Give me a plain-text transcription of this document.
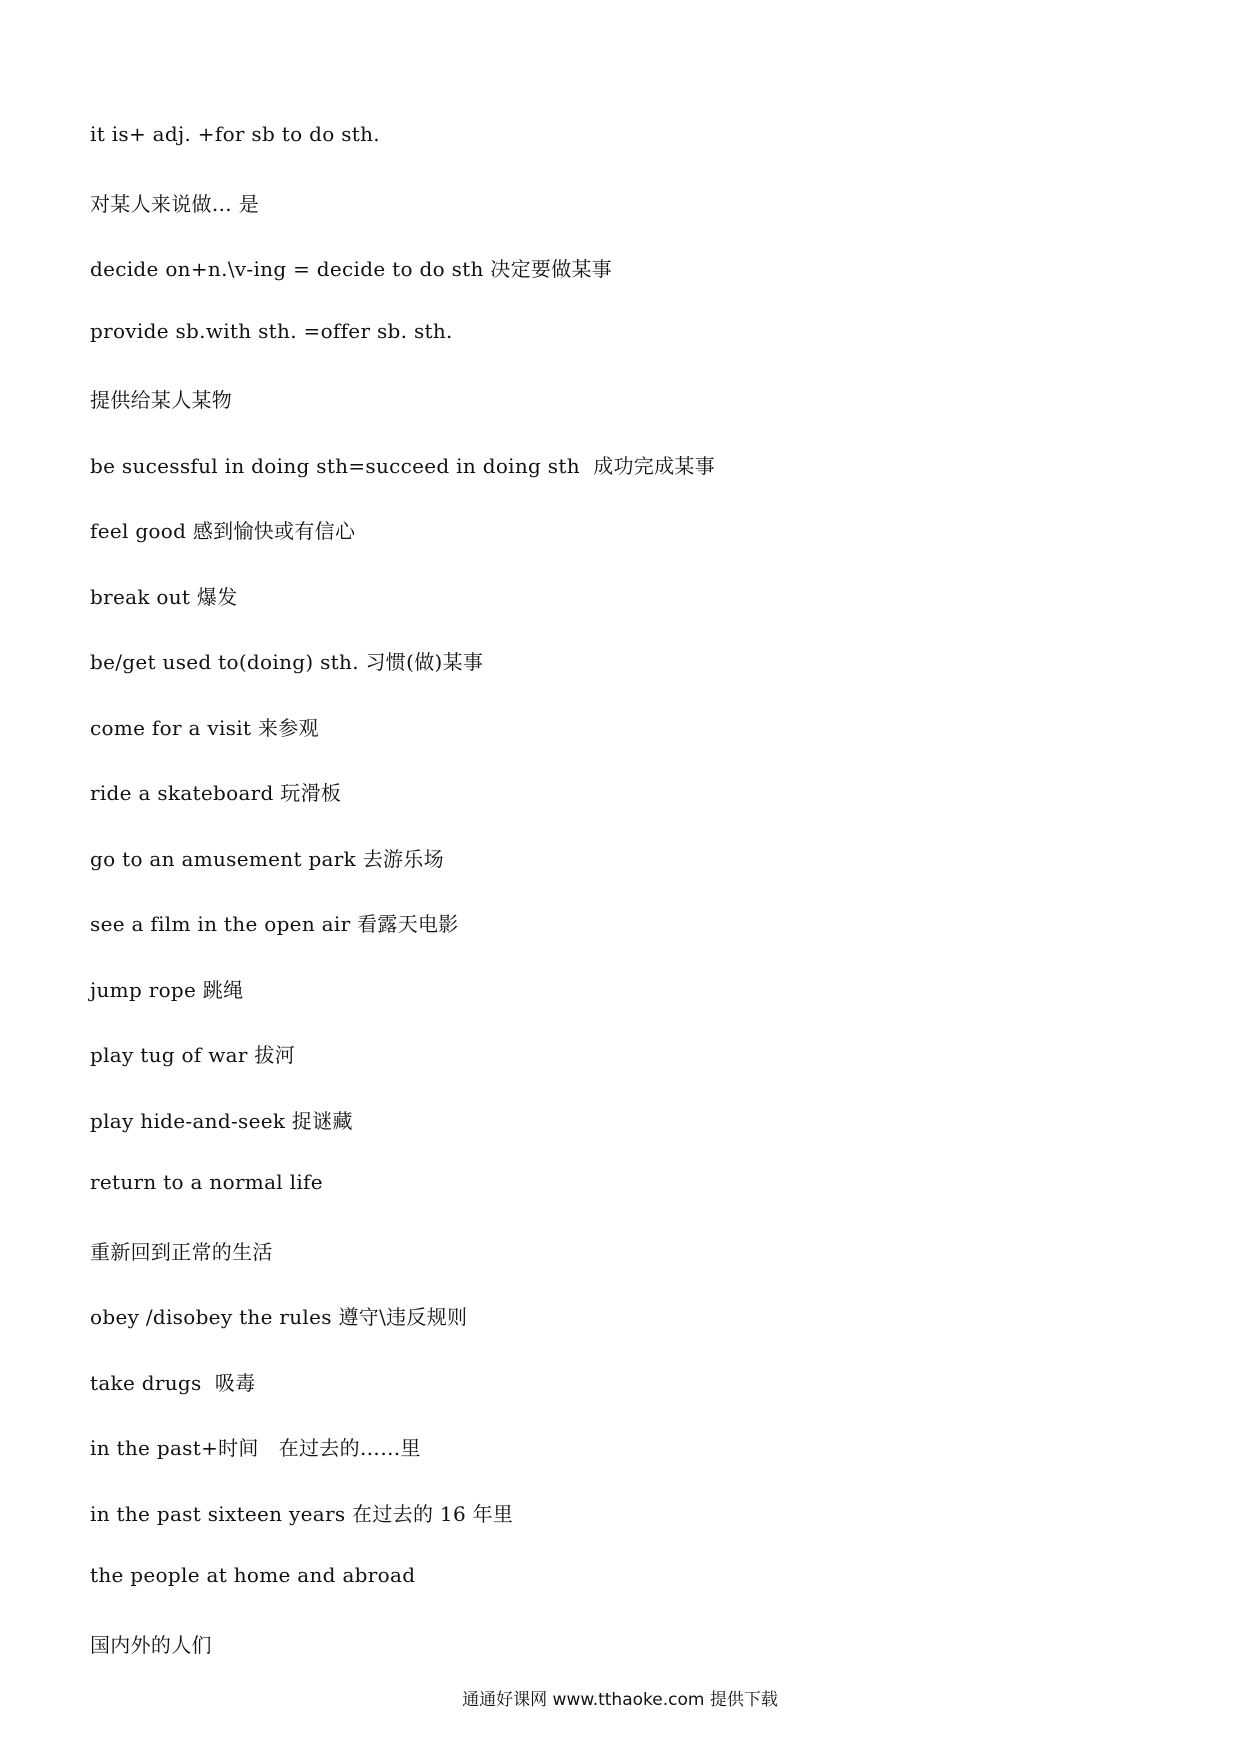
it is+ adj. +for sb to do sth.
对某人来说做… 是
decide on+n.\v-ing = decide to do sth 决定要做某事
provide sb.with sth. =offer sb. sth.
提供给某人某物
be sucessful in doing sth=succeed in doing sth  成功完成某事
feel good 感到愉快或有信心
break out 爆发
be/get used to(doing) sth. 习惯(做)某事
come for a visit 来参观
ride a skateboard 玩滑板
go to an amusement park 去游乐场
see a film in the open air 看露天电影
jump rope 跳绳
play tug of war 拔河
play hide-and-seek 捉谜藏
return to a normal life
重新回到正常的生活
obey /disobey the rules 遵守\违反规则
take drugs  吸毒
in the past+时间   在过去的……里
in the past sixteen years 在过去的 16 年里
the people at home and abroad
国内外的人们
通通好课网 www.tthaoke.com 提供下载
